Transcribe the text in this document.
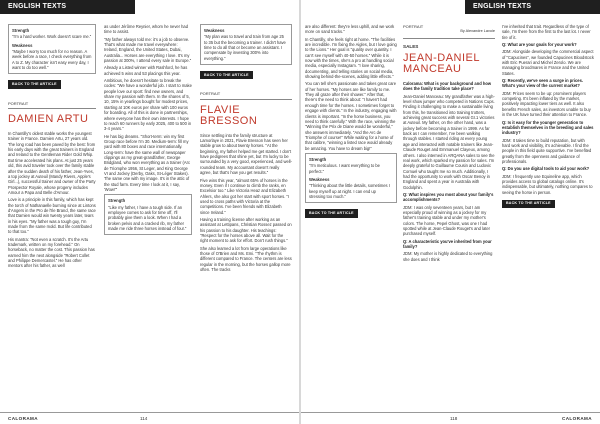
ENGLISH TEXTS
Strength
"I'm a hard worker. Work doesn't scare me."
Weakness
"Maybe I worry too much for no reason. A week before a race, I check everything from A to Z. My character isn't easy every day, I want to do too well."
BACK TO THE ARTICLE
PORTRAIT
DAMIEN ARTU

In Chantilly's oldest stable works the youngest trainer in France. Damien Artu, 27 years old. The long road has been paved by the best: from his early days with the great trainers in England and Ireland to the Gentleman Rider Gold Whip. But time accelerated his plans. At just 25 years old, this avid traveler took over the family stable after the sudden death of his father, Jean-Yves, a top jockey at Auteuil (Mandy Rivers, Apple's Girl...), successful trainer and owner of the Party Prospector Royale, whose progeny includes Amour a Papa and Belle d'Amour.

Love is a principle in this family, which has kept the torch of Nathanaelle burning since at Lintons d'Angers in the Pro de l'Ile Brand, the same race that Damien would win twenty years later, tears in his eyes. "My father was a tough guy, I'm made from the same mold. But life contributed to that too."

His mantra: "Not even a scratch. It's the Artu trademark, written on my forehead." On horseback, no matter the cost. This passion has earned him the next alongside "Robert Collet and Philippe Demercastel." He has other mentors after his father, as well

as under Jérôme Reynier, whom he never had time to assist.

"My father always told me: it's a job to observe. That's what made me travel everywhere: Ireland, England, the United States, Dubai, Australia... Horses are everything I love. It's my passion at 300%, I attend every sale in Europe."

Already a Listed winner with Rashford, he has achieved 5 wins and 53 placings this year.

Ambitious, he doesn't hesitate to break the codes: "We have a wonderful job. I start to make people love our sport: find new owners, and share my passion with them. In the shares of 5, 10, 15% in yearlings bought for modest prices, starting at 10K euros per share with 100 euros for boarding. All of this is done in partnerships, where everyone has their own interests. I hope to reach 60 runners by early 2025, 400 to 500 in 3-4 years."

He has big dreams. "Short-term: win my first Group race before I'm 30. Medium-term: fill my yard with 80 boxes and race internationally. Long-term: have the same wall of newspaper clippings as my great-grandfather, George Bridgland, who won everything as a trainer (Arc de Triomphe 1956, St Leger, and King George VI and Jockey (Derby, Oaks, St-Léger Stakes). The same one with my image. It's in the attic of the stud farm. Every time I look at it, I say, 'Wow!'"

Strength
"Like my father, I have a tough side. If an employee comes to ask for time off, I'll probably give them a look. When I had a broken pelvis and a cracked rib, my father made me ride three horses instead of four."
Weakness
"My plan was to travel and train from age 25 to 35 but the becoming a trainer. I didn't have time to do all that or become an assistant. I compensate by investing 300% into everything."
BACK TO THE ARTICLE
PORTRAIT
FLAVIE BRESSON

Since settling into the family structure at Lamorlaye in 2021, Flavie Bresson has seen her stable grow to about twenty horses. "At the beginning, my father helped me get started. I don't have pedigrees that shine yet, but I'm lucky to be surrounded by a very good, experienced, and well-rounded team. My accountant doesn't really agree, but that's how you get results."

Five wins this year, "almost 65% of horses in the money. Even if I continue to climb the ranks, en Excelsior too." Like Victoria Heaz and Elizabeth Ahlers, she also got her start with sport horses. "I used to cross paths with Victoria at the competitions. I've been friends with Elizabeth since Ireland."

Having a training license after working as an assistant at Lettipans, Christian Rossez passed on his passion to his daughter. His teachings: "Respect for the horses above all. Wait for the right moment to ask for effort. Don't rush things."

She also learned a lot from large operations like those of O'Brien and Ms. Emi. "The rhythm is different compared to France. The centers are less regular in the morning, but the horses gallop more often. The tracks

CALORAMA	114
ENGLISH TEXTS

are also different: they're less uphill, and we work more on sand tracks."

In Chantilly, she feels right at home. "The facilities are incredible. I'm fixing the Aigles, but I love going to the Lions." Her goal is "quality over quantity. I can't see myself with 40-50 horses." While it is now with the times, she's a pro at handling social media, especially Instagram. "I love sharing, documenting, and telling stories on social media, showing behind-the-scenes, adding little effects."

You can tell she's passionate and takes great care of her horses. "My horses are like family to me. They all graze after their shower." After that, there's the need to think about: "I haven't had enough time for the horses. I sometimes forget to engage with clients." In the industry, engaging with clients is important. "In the horse business, you need to think carefully." With the race, winning the "Winning the Prix de Diane would be wonderful," she answers immediately. "And the Arc de Triomphe of course!" While waiting for a horse of that calibre, "winning a listed race would already be amazing. You have to dream big!"

Strength
"I'm meticulous. I want everything to be perfect."
Weakness
"Thinking about the little details, sometimes I keep myself up at night. I can end up stressing too much."
BACK TO THE ARTICLE
PORTRAIT
By Alexandre Lavoie
SALES
JEAN-DANIEL MANCEAU

Calorama: What is your background and how does the family tradition take place?

Jean-Daniel Manceau: My grandfather was a high-level show jumper who competed in Nations Cups. Finding it challenging to make a sustainable living from this, he transitioned into training trotters, achieving great success with several Gr.1 victories at Auteuil. My father, on the other hand, was a jockey before becoming a trainer in 1999. As far back as I can remember, I've been walking through stables. I started riding at every young age and interacted with notable trainers like Jean-Claude Rouget and Emmanuel Clayeux, among others. I also interned in ARQANA sales to see the real work, which sparked my passion for sales. I'm deeply grateful to Guillaume Cousin and Ludovic Cornuel who taught me so much. Additionally, I had the opportunity to work with Oscar Benoy in England and spent a year in Australia with Godolphin.

Q: What inspires you most about your family's accomplishments?

JDM: I was only seventeen years, but I am especially proud of winning as a jockey for my father's training stable and under my mother's colors. The horse, Pepel Ghost, was one I had spotted while at Jean-Claude Rouget's and later purchased myself.

Q: A characteristic you've inherited from your family?

JDM: My mother is highly dedicated to everything she does and I think

I've inherited that trait. Regardless of the type of sale, I'm there from the first to the last lot. I never tire of it.

Q: What are your goals for your work?

JDM: Alongside developing the commercial aspect of "Capucines", we founded Capucines Bloodstock with Eric Puerari and Michel Zerolo. We are managing broodmares in France and the United States.

Q: Recently, we've seen a surge in prices. What's your view of the current market?

JDM: Prices seem to be up: prominent players competing. It's been inflated by the market, positively impacting lower tiers as well. It also benefits French sales, as investors unable to buy in the UK have turned their attention to France.

Q: Is it easy for the younger generation to establish themselves in the breeding and sales industry?

JDM: It takes time to build reputation, but with hard work and visibility, it's achievable. I find the people in this field quite supportive. I've benefited greatly from the openness and guidance of professionals.

Q: Do you use digital tools to aid your work?

JDM: I frequently use Equineline app, which provides access to global catalogs online. It's indispensable, but ultimately, nothing compares to seeing the horse in person.

BACK TO THE ARTICLE
118	CALORAMA
